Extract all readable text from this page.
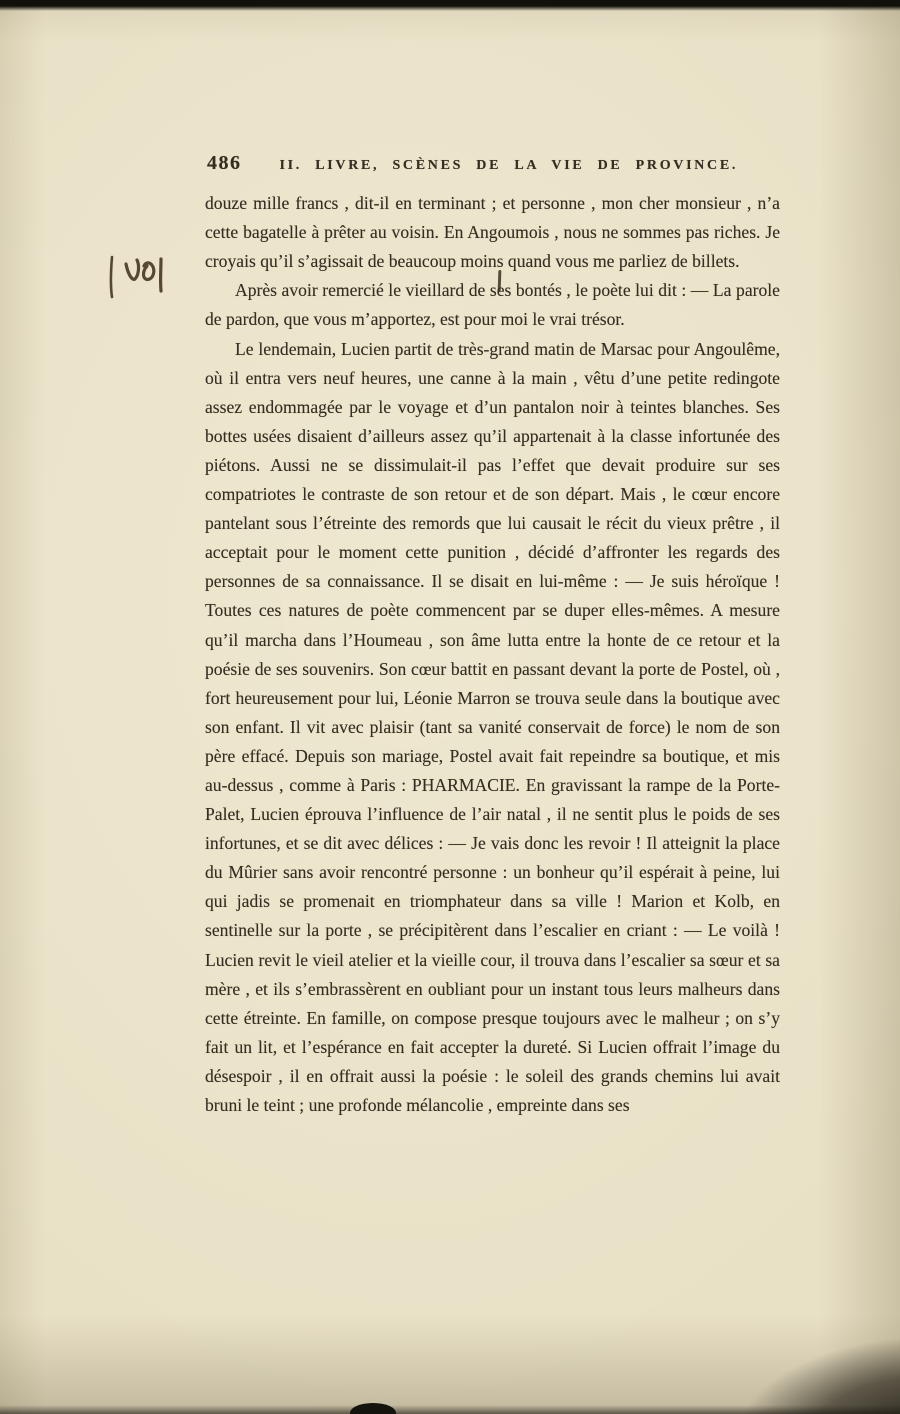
486	II. LIVRE, SCÈNES DE LA VIE DE PROVINCE.

douze mille francs , dit-il en terminant ; et personne , mon cher monsieur , n’a cette bagatelle à prêter au voisin. En Angoumois , nous ne sommes pas riches. Je croyais qu’il s’agissait de beaucoup moins quand vous me parliez de billets.

Après avoir remercié le vieillard de ses bontés , le poète lui dit : — La parole de pardon, que vous m’apportez, est pour moi le vrai trésor.

Le lendemain, Lucien partit de très-grand matin de Marsac pour Angoulême, où il entra vers neuf heures, une canne à la main , vêtu d’une petite redingote assez endommagée par le voyage et d’un pantalon noir à teintes blanches. Ses bottes usées disaient d’ailleurs assez qu’il appartenait à la classe infortunée des piétons. Aussi ne se dissimulait-il pas l’effet que devait produire sur ses compatriotes le contraste de son retour et de son départ. Mais , le cœur encore pantelant sous l’étreinte des remords que lui causait le récit du vieux prêtre , il acceptait pour le moment cette punition , décidé d’affronter les regards des personnes de sa connaissance. Il se disait en lui-même : — Je suis héroïque ! Toutes ces natures de poète commencent par se duper elles-mêmes. A mesure qu’il marcha dans l’Houmeau , son âme lutta entre la honte de ce retour et la poésie de ses souvenirs. Son cœur battit en passant devant la porte de Postel, où , fort heureusement pour lui, Léonie Marron se trouva seule dans la boutique avec son enfant. Il vit avec plaisir (tant sa vanité conservait de force) le nom de son père effacé. Depuis son mariage, Postel avait fait repeindre sa boutique, et mis au-dessus , comme à Paris : PHARMACIE. En gravissant la rampe de la Porte-Palet, Lucien éprouva l’influence de l’air natal , il ne sentit plus le poids de ses infortunes, et se dit avec délices : — Je vais donc les revoir ! Il atteignit la place du Mûrier sans avoir rencontré personne : un bonheur qu’il espérait à peine, lui qui jadis se promenait en triomphateur dans sa ville ! Marion et Kolb, en sentinelle sur la porte , se précipitèrent dans l’escalier en criant : — Le voilà ! Lucien revit le vieil atelier et la vieille cour, il trouva dans l’escalier sa sœur et sa mère , et ils s’embrassèrent en oubliant pour un instant tous leurs malheurs dans cette étreinte. En famille, on compose presque toujours avec le malheur ; on s’y fait un lit, et l’espérance en fait accepter la dureté. Si Lucien offrait l’image du désespoir , il en offrait aussi la poésie : le soleil des grands chemins lui avait bruni le teint ; une profonde mélancolie , empreinte dans ses
